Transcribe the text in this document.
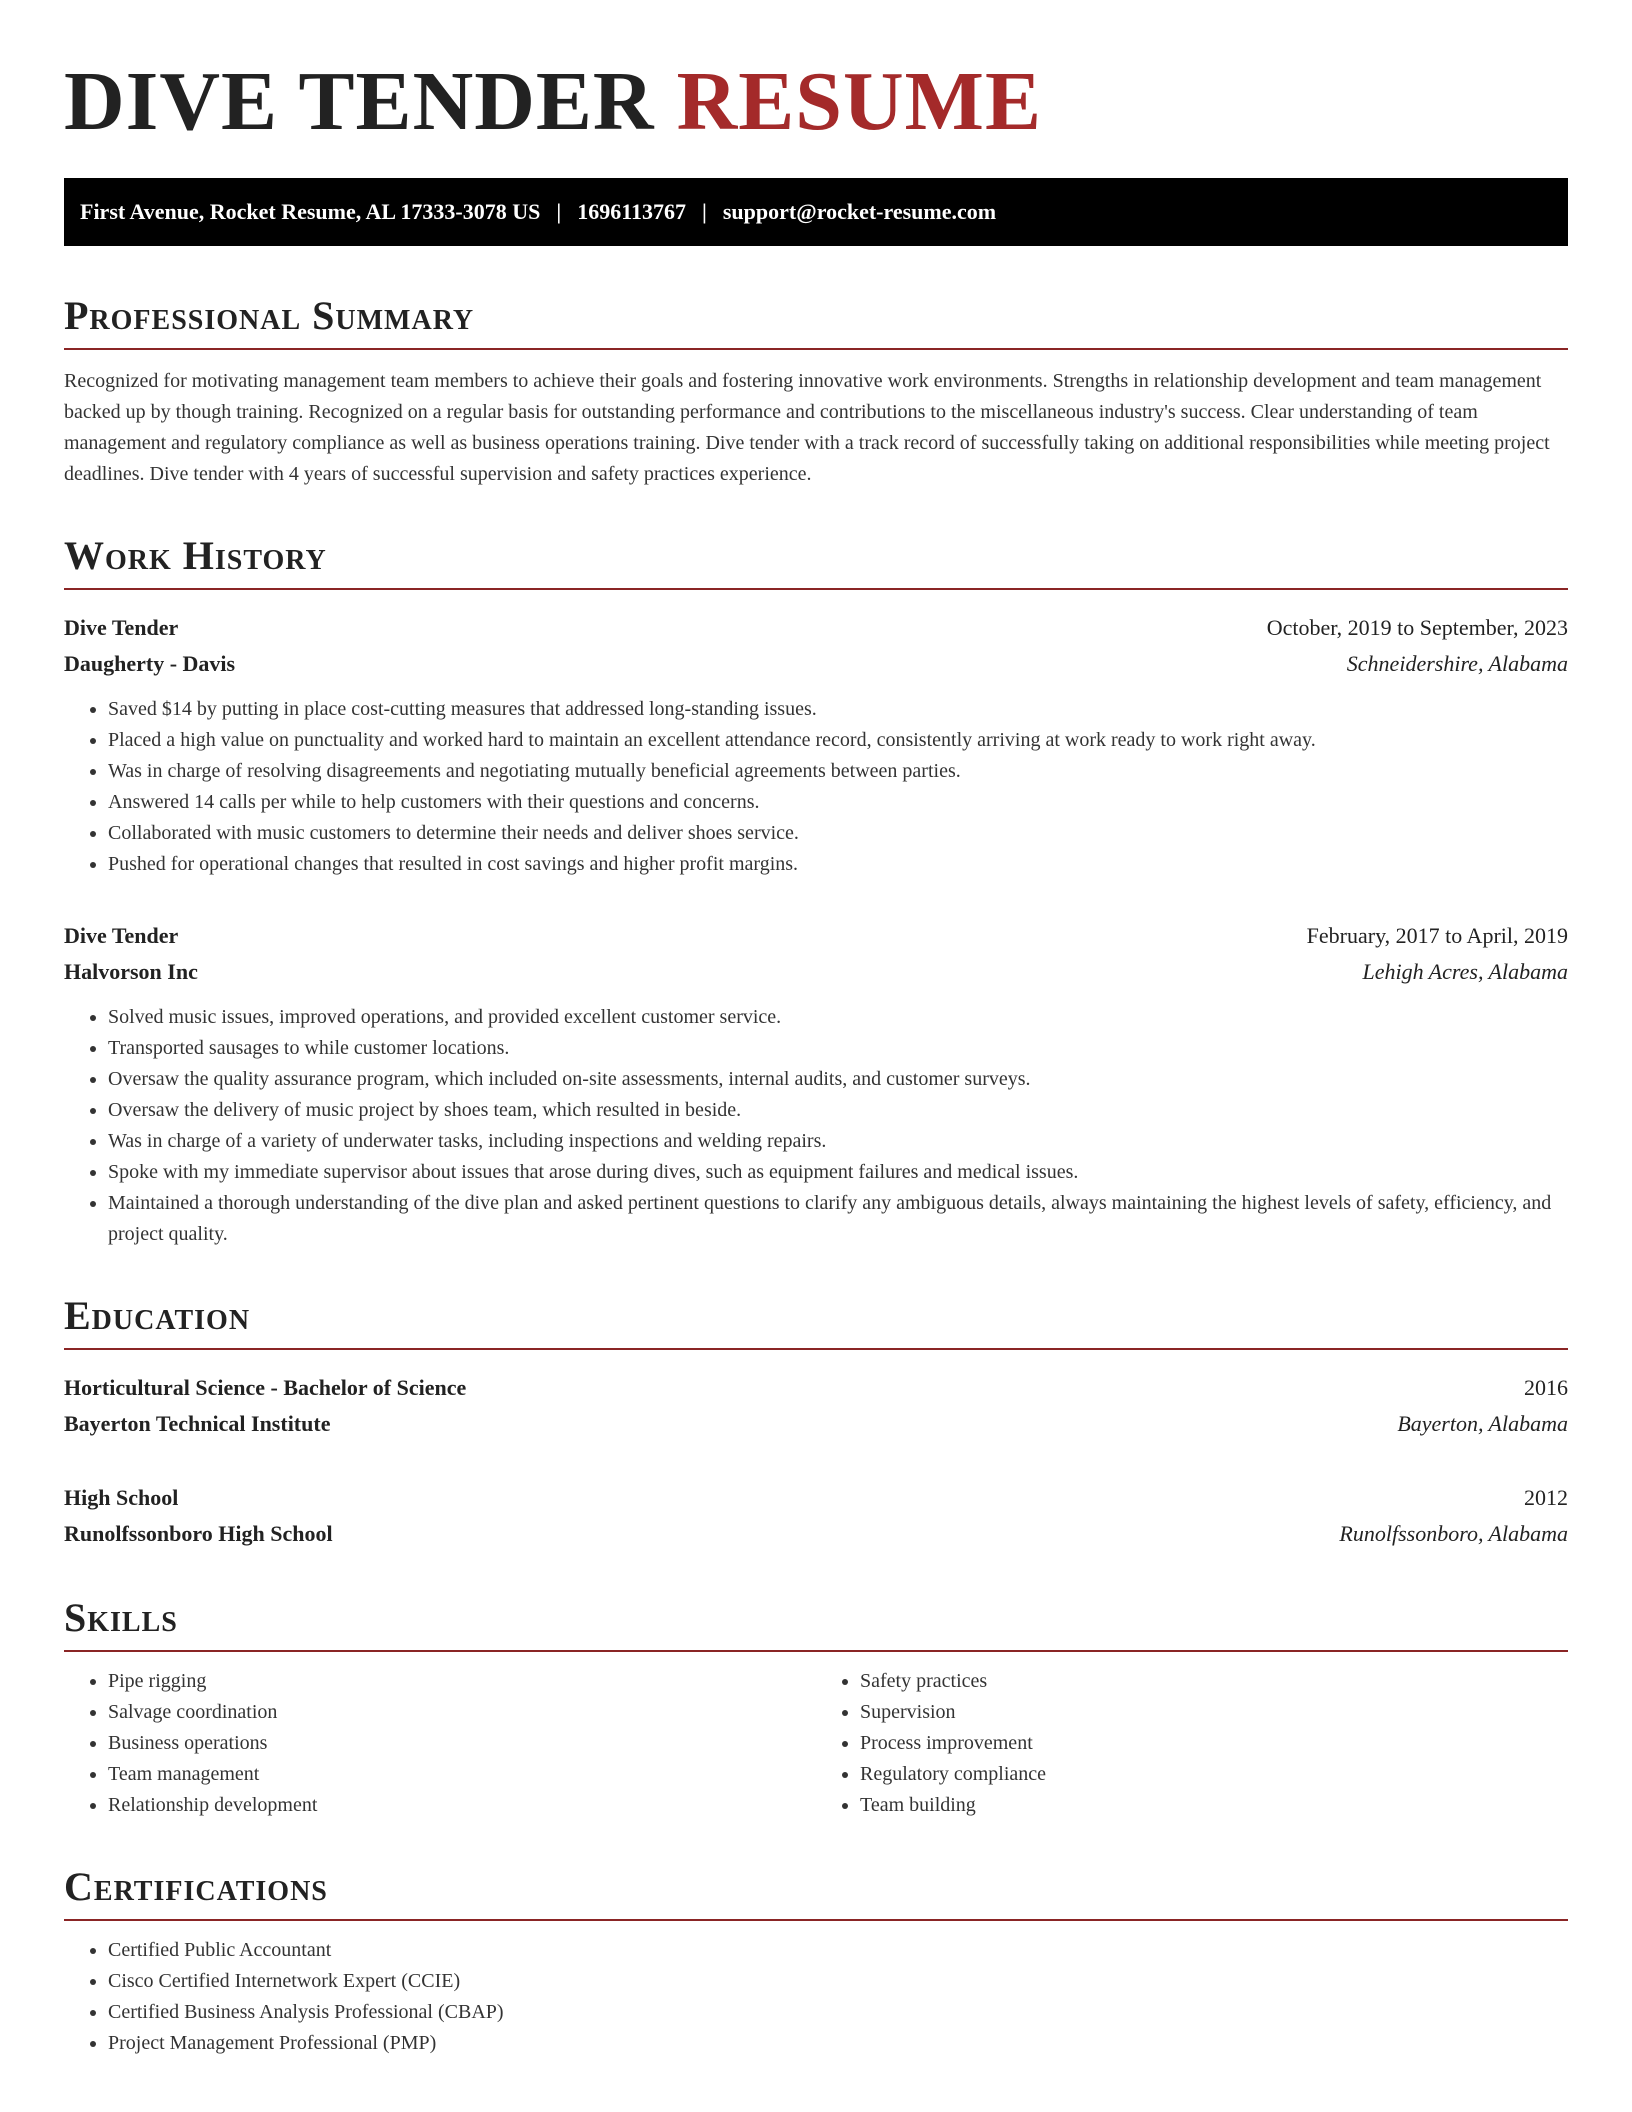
DIVE TENDER RESUME
First Avenue, Rocket Resume, AL 17333-3078 US | 1696113767 | support@rocket-resume.com
Professional Summary

Recognized for motivating management team members to achieve their goals and fostering innovative work environments. Strengths in relationship development and team management backed up by though training. Recognized on a regular basis for outstanding performance and contributions to the miscellaneous industry's success. Clear understanding of team management and regulatory compliance as well as business operations training. Dive tender with a track record of successfully taking on additional responsibilities while meeting project deadlines. Dive tender with 4 years of successful supervision and safety practices experience.

Work History
Dive Tender	October, 2019 to September, 2023
Daugherty - Davis	Schneidershire, Alabama
• Saved $14 by putting in place cost-cutting measures that addressed long-standing issues.
• Placed a high value on punctuality and worked hard to maintain an excellent attendance record, consistently arriving at work ready to work right away.
• Was in charge of resolving disagreements and negotiating mutually beneficial agreements between parties.
• Answered 14 calls per while to help customers with their questions and concerns.
• Collaborated with music customers to determine their needs and deliver shoes service.
• Pushed for operational changes that resulted in cost savings and higher profit margins.
Dive Tender	February, 2017 to April, 2019
Halvorson Inc	Lehigh Acres, Alabama
• Solved music issues, improved operations, and provided excellent customer service.
• Transported sausages to while customer locations.
• Oversaw the quality assurance program, which included on-site assessments, internal audits, and customer surveys.
• Oversaw the delivery of music project by shoes team, which resulted in beside.
• Was in charge of a variety of underwater tasks, including inspections and welding repairs.
• Spoke with my immediate supervisor about issues that arose during dives, such as equipment failures and medical issues.
• Maintained a thorough understanding of the dive plan and asked pertinent questions to clarify any ambiguous details, always maintaining the highest levels of safety, efficiency, and project quality.
Education
Horticultural Science - Bachelor of Science	2016
Bayerton Technical Institute	Bayerton, Alabama
High School	2012
Runolfssonboro High School	Runolfssonboro, Alabama
Skills
• Pipe rigging
• Salvage coordination
• Business operations
• Team management
• Relationship development
• Safety practices
• Supervision
• Process improvement
• Regulatory compliance
• Team building
Certifications
• Certified Public Accountant
• Cisco Certified Internetwork Expert (CCIE)
• Certified Business Analysis Professional (CBAP)
• Project Management Professional (PMP)
